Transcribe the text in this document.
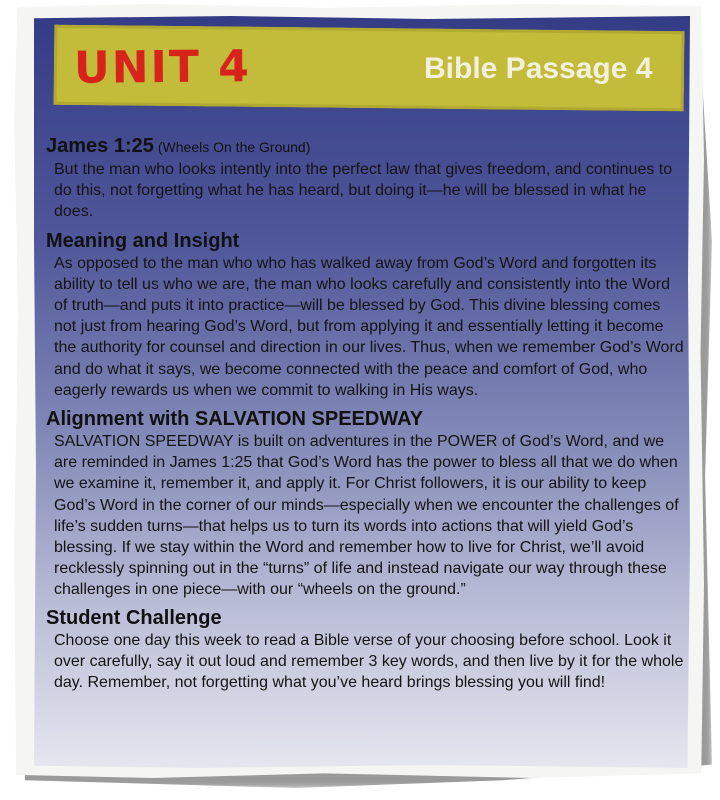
UNIT 4	Bible Passage 4
James 1:25 (Wheels On the Ground)

But the man who looks intently into the perfect law that gives freedom, and continues to do this, not forgetting what he has heard, but doing it—he will be blessed in what he does.

Meaning and Insight

As opposed to the man who who has walked away from God’s Word and forgotten its ability to tell us who we are, the man who looks carefully and consistently into the Word of truth—and puts it into practice—will be blessed by God. This divine blessing comes not just from hearing God’s Word, but from applying it and essentially letting it become the authority for counsel and direction in our lives. Thus, when we remember God’s Word and do what it says, we become connected with the peace and comfort of God, who eagerly rewards us when we commit to walking in His ways.

Alignment with SALVATION SPEEDWAY

SALVATION SPEEDWAY is built on adventures in the POWER of God’s Word, and we are reminded in James 1:25 that God’s Word has the power to bless all that we do when we examine it, remember it, and apply it. For Christ followers, it is our ability to keep God’s Word in the corner of our minds—especially when we encounter the challenges of life’s sudden turns—that helps us to turn its words into actions that will yield God’s blessing. If we stay within the Word and remember how to live for Christ, we’ll avoid recklessly spinning out in the “turns” of life and instead navigate our way through these challenges in one piece—with our “wheels on the ground.”

Student Challenge

Choose one day this week to read a Bible verse of your choosing before school. Look it over carefully, say it out loud and remember 3 key words, and then live by it for the whole day. Remember, not forgetting what you’ve heard brings blessing you will find!
